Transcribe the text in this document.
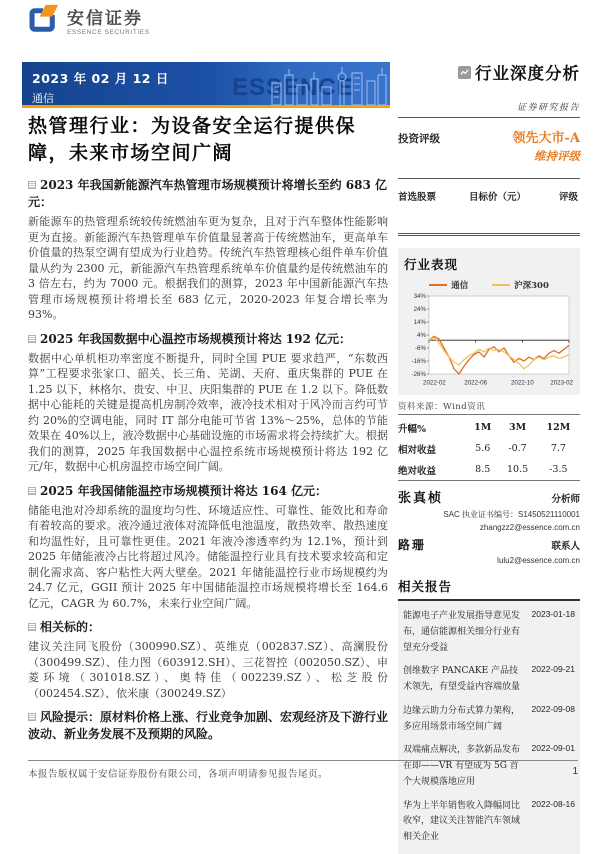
安信证券
ESSENCE SECURITIES
2023 年 02 月 12 日
通信	ESSENCE
行业深度分析
证券研究报告
投资评级	领先大市-A
维持评级
首选股票	目标价（元）	评级
行业表现
通信	沪深300
34%
24%
14%
4%
-6%
-16%
-26%
2022-02	2022-06	2022-10	2023-02
资料来源：Wind资讯
升幅%	1M	3M	12M
相对收益	5.6	-0.7	7.7
绝对收益	8.5	10.5	-3.5
张真桢	分析师
SAC 执业证书编号：S1450521110001
zhangzz2@essence.com.cn
路珊	联系人
lulu2@essence.com.cn
相关报告
能源电子产业发展指导意见发布，通信能源相关细分行业有望充分受益
2023-01-18
创维数字 PANCAKE 产品技术领先，有望受益内容端放量
2022-09-21
边缘云助力分布式算力架构，多应用场景市场空间广阔
2022-09-08
双端痛点解决，多款新品发布在即——VR 有望成为 5G 首个大规模落地应用
2022-09-01
华为上半年销售收入降幅同比收窄，建议关注智能汽车领域相关企业
2022-08-16
热管理行业：为设备安全运行提供保障，未来市场空间广阔
2023 年我国新能源汽车热管理市场规模预计将增长至约 683 亿元：

新能源车的热管理系统较传统燃油车更为复杂，且对于汽车整体性能影响更为直接。新能源汽车热管理单车价值量显著高于传统燃油车，更高单车价值量的热泵空调有望成为行业趋势。传统汽车热管理核心组件单车价值量从约为 2300 元，新能源汽车热管理系统单车价值量约是传统燃油车的 3 倍左右，约为 7000 元。根据我们的测算，2023 年中国新能源汽车热管理市场规模预计将增长至 683 亿元，2020-2023 年复合增长率为 93%。

2025 年我国数据中心温控市场规模预计将达 192 亿元：

数据中心单机柜功率密度不断提升，同时全国 PUE 要求趋严，“东数西算”工程要求张家口、韶关、长三角、芜湖、天府、重庆集群的 PUE 在 1.25 以下，林格尔、贵安、中卫、庆阳集群的 PUE 在 1.2 以下。降低数据中心能耗的关键是提高机房制冷效率，液冷技术相对于风冷而言约可节约 20%的空调电能，同时 IT 部分电能可节省 13%～25%，总体的节能效果在 40%以上，液冷数据中心基础设施的市场需求将会持续扩大。根据我们的测算，2025 年我国数据中心温控系统市场规模预计将达 192 亿元/年，数据中心机房温控市场空间广阔。

2025 年我国储能温控市场规模预计将达 164 亿元：

储能电池对冷却系统的温度均匀性、环境适应性、可靠性、能效比和寿命有着较高的要求。液冷通过液体对流降低电池温度，散热效率、散热速度和均温性好，且可靠性更佳。2021 年液冷渗透率约为 12.1%，预计到 2025 年储能液冷占比将超过风冷。储能温控行业具有技术要求较高和定制化需求高、客户粘性大两大壁垒。2021 年储能温控行业市场规模约为 24.7 亿元，GGII 预计 2025 年中国储能温控市场规模将增长至 164.6 亿元，CAGR 为 60.7%，未来行业空间广阔。

相关标的：

建议关注同飞股份（300990.SZ）、英维克（002837.SZ）、高澜股份（300499.SZ）、佳力图（603912.SH）、三花智控（002050.SZ）、申菱环境（301018.SZ）、奥特佳（002239.SZ）、松芝股份（002454.SZ）、依米康（300249.SZ）

风险提示：原材料价格上涨、行业竞争加剧、宏观经济及下游行业波动、新业务发展不及预期的风险。
本报告版权属于安信证券股份有限公司，各项声明请参见报告尾页。	1
